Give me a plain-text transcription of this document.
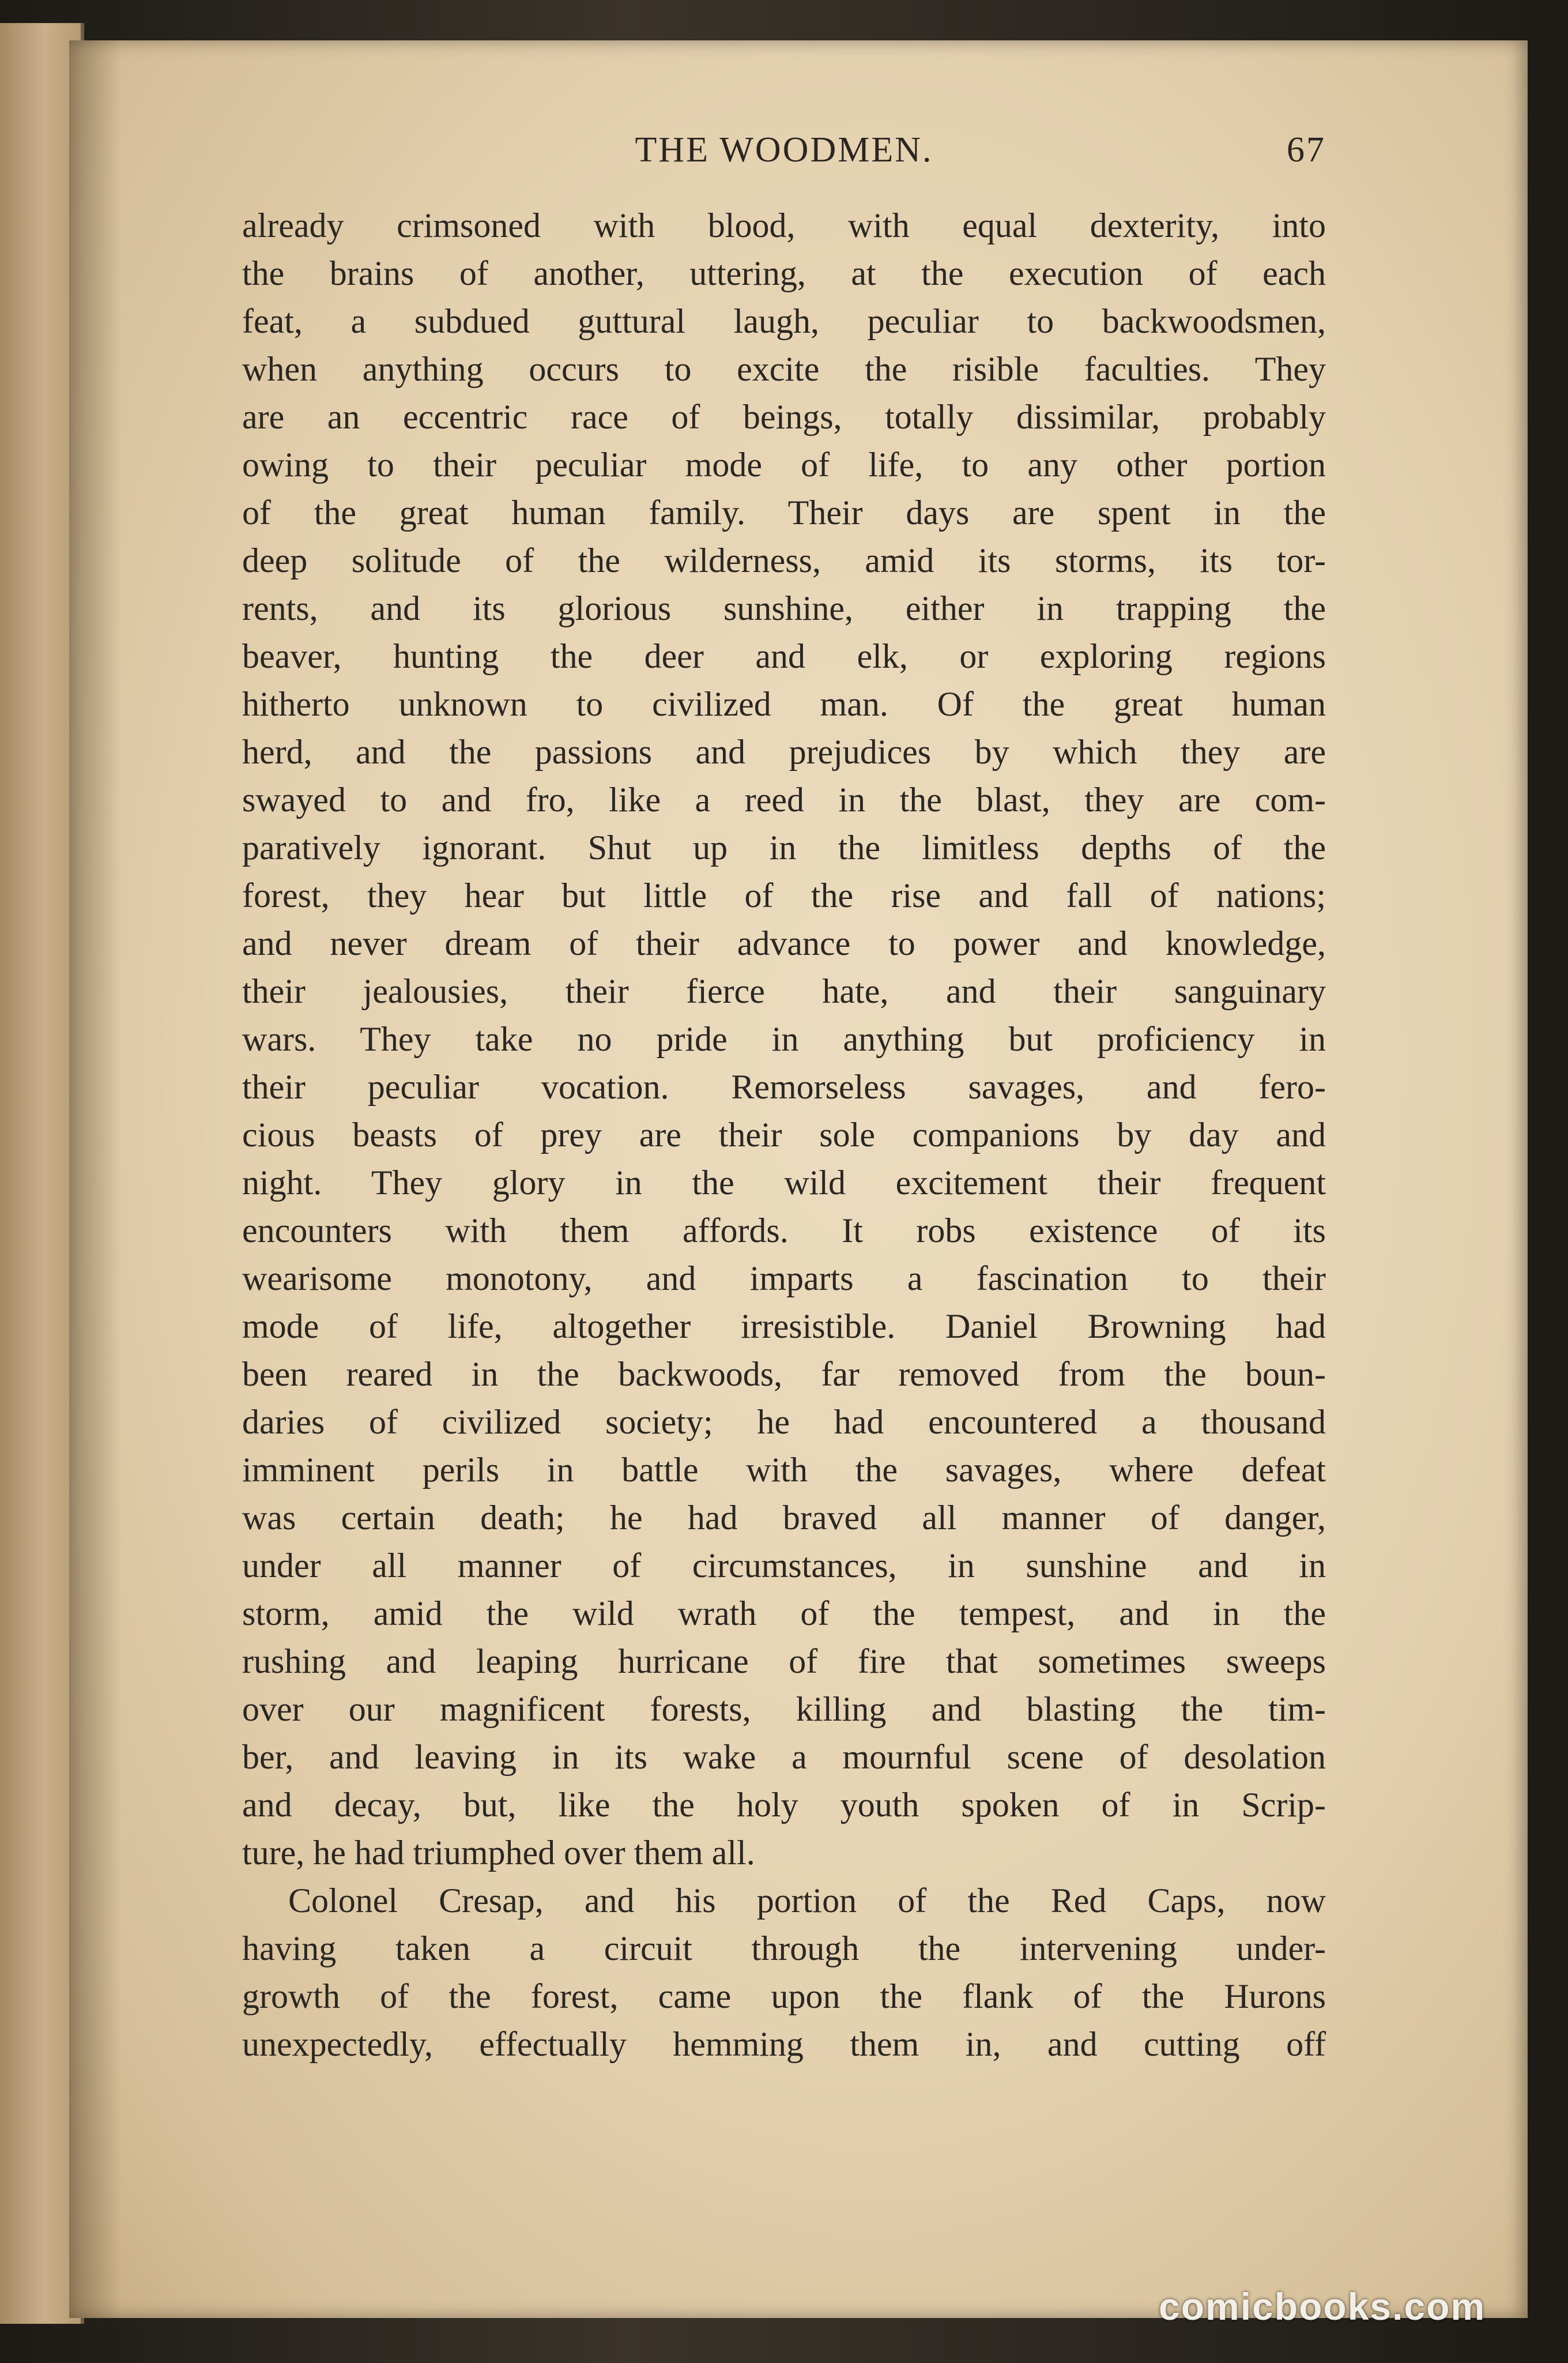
THE WOODMEN.	67
already crimsoned with blood, with equal dexterity, into
the brains of another, uttering, at the execution of each
feat, a subdued guttural laugh, peculiar to backwoodsmen,
when anything occurs to excite the risible faculties. They
are an eccentric race of beings, totally dissimilar, probably
owing to their peculiar mode of life, to any other portion
of the great human family. Their days are spent in the
deep solitude of the wilderness, amid its storms, its tor-
rents, and its glorious sunshine, either in trapping the
beaver, hunting the deer and elk, or exploring regions
hitherto unknown to civilized man. Of the great human
herd, and the passions and prejudices by which they are
swayed to and fro, like a reed in the blast, they are com-
paratively ignorant. Shut up in the limitless depths of the
forest, they hear but little of the rise and fall of nations;
and never dream of their advance to power and knowledge,
their jealousies, their fierce hate, and their sanguinary
wars. They take no pride in anything but proficiency in
their peculiar vocation. Remorseless savages, and fero-
cious beasts of prey are their sole companions by day and
night. They glory in the wild excitement their frequent
encounters with them affords. It robs existence of its
wearisome monotony, and imparts a fascination to their
mode of life, altogether irresistible. Daniel Browning had
been reared in the backwoods, far removed from the boun-
daries of civilized society; he had encountered a thousand
imminent perils in battle with the savages, where defeat
was certain death; he had braved all manner of danger,
under all manner of circumstances, in sunshine and in
storm, amid the wild wrath of the tempest, and in the
rushing and leaping hurricane of fire that sometimes sweeps
over our magnificent forests, killing and blasting the tim-
ber, and leaving in its wake a mournful scene of desolation
and decay, but, like the holy youth spoken of in Scrip-
ture, he had triumphed over them all.
Colonel Cresap, and his portion of the Red Caps, now
having taken a circuit through the intervening under-
growth of the forest, came upon the flank of the Hurons
unexpectedly, effectually hemming them in, and cutting off
comicbooks.com
